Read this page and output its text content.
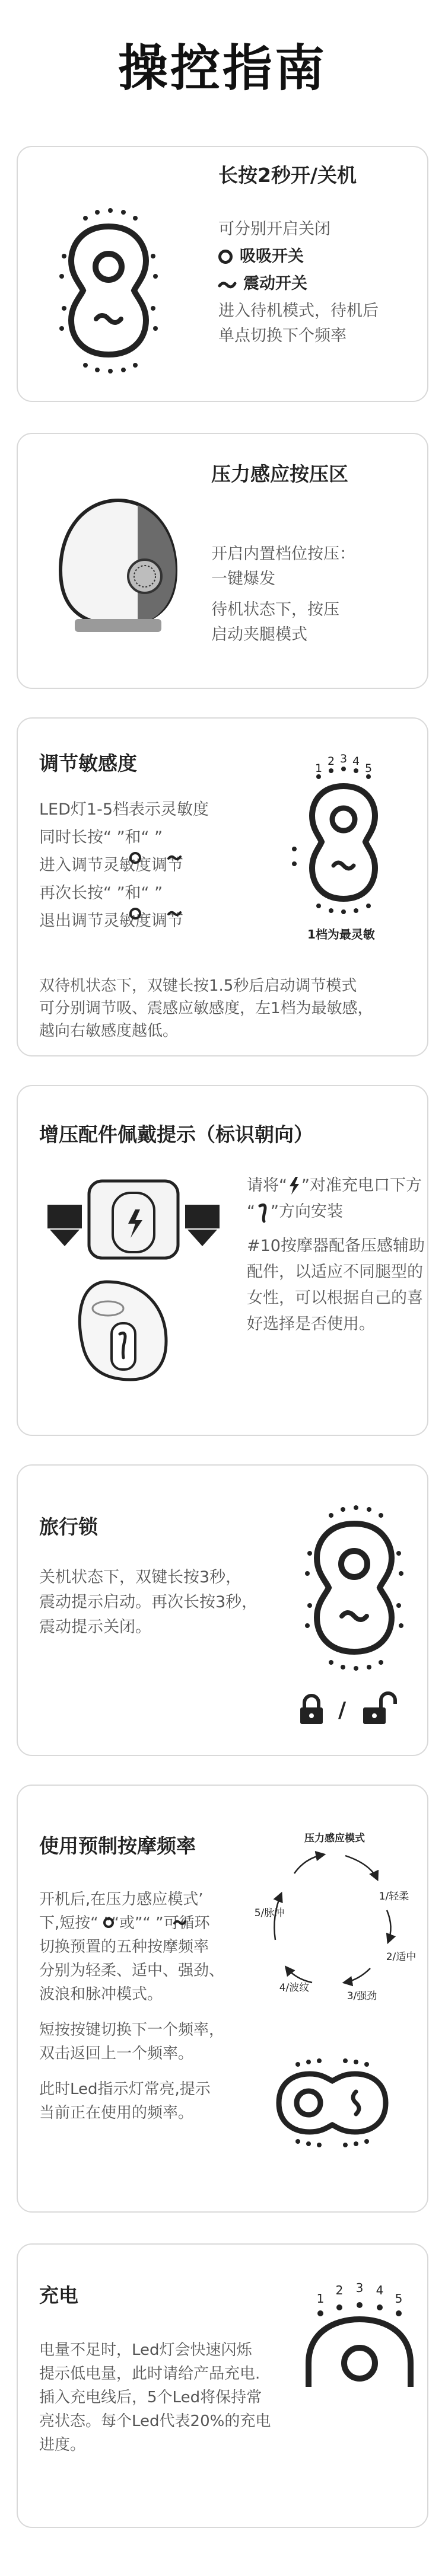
操控指南
长按2秒开/关机
可分别开启关闭
吸吸开关
震动开关
进入待机模式，待机后
单点切换下个频率
压力感应按压区
开启内置档位按压：
一键爆发
待机状态下，按压
启动夹腿模式
调节敏感度
LED灯1-5档表示灵敏度
同时长按“ ”和“ ”
进入调节灵敏度调节
再次长按“ ”和“ ”
退出调节灵敏度调节
1
2 3 4
5
1档为最灵敏
双待机状态下，双键长按1.5秒后启动调节模式
可分别调节吸、震感应敏感度，左1档为最敏感，
越向右敏感度越低。
增压配件佩戴提示（标识朝向）
请将“ ”对准充电口下方
“ ”方向安装
#10按摩器配备压感辅助
配件，以适应不同腿型的
女性，可以根据自己的喜
好选择是否使用。
旅行锁
关机状态下，双键长按3秒，
震动提示启动。再次长按3秒，
震动提示关闭。
/
使用预制按摩频率
开机后,在压力感应模式’
下,短按“ ”“或”“ ”可循环
切换预置的五种按摩频率
分别为轻柔、适中、强劲、
波浪和脉冲模式。
短按按键切换下一个频率，
双击返回上一个频率。
此时Led指示灯常亮,提示
当前正在使用的频率。
压力感应模式
1/轻柔
2/适中
3/强劲
4/波纹
5/脉冲
充电
电量不足时，Led灯会快速闪烁
提示低电量，此时请给产品充电.
插入充电线后，5个Led将保持常
亮状态。每个Led代表20%的充电
进度。
1
2 3 4
5
